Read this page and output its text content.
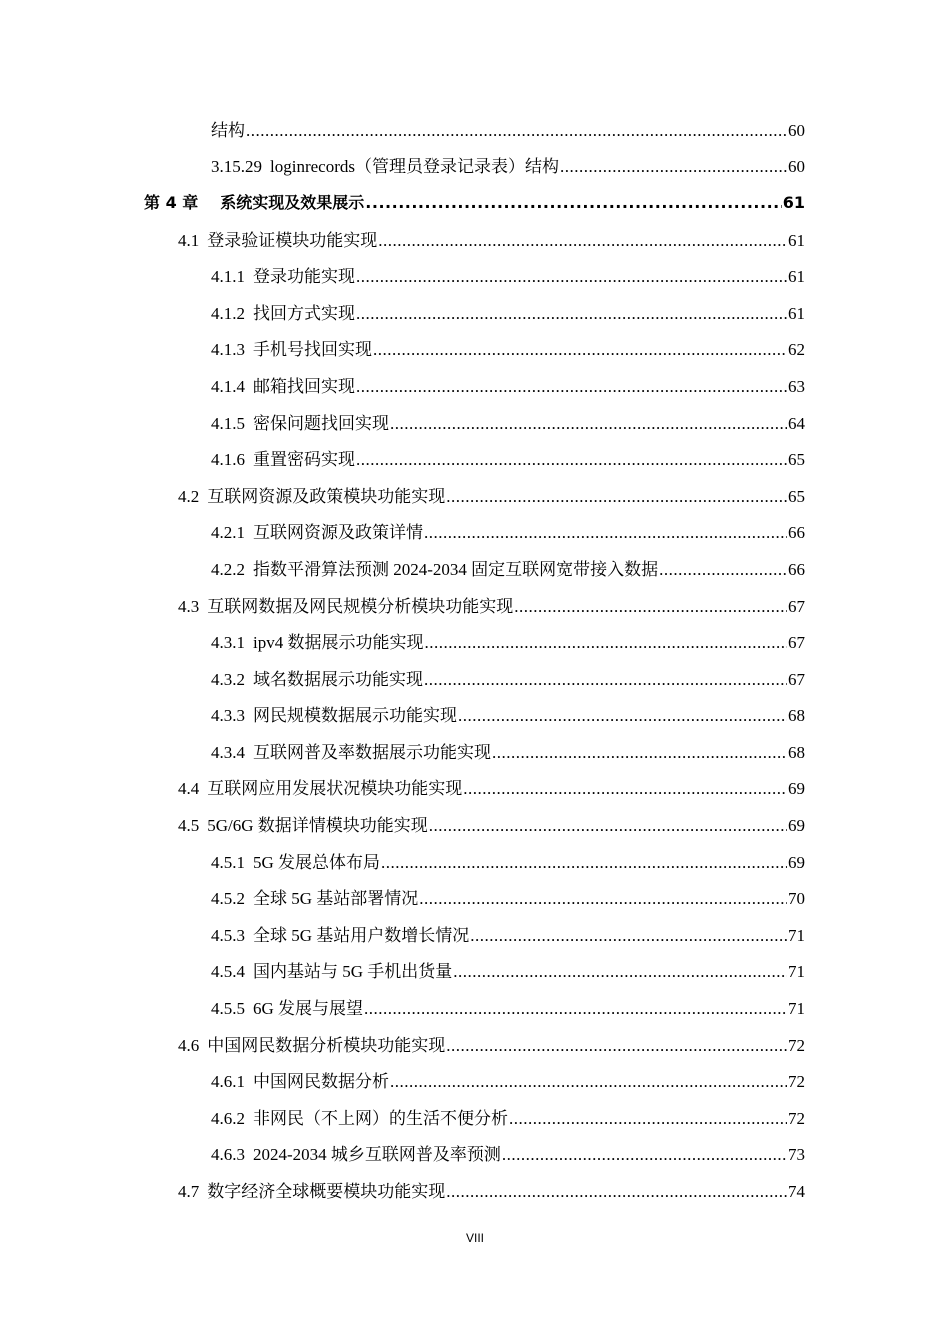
结构 .....	60
3.15.29 loginrecords（管理员登录记录表）结构 .....	60
第 4 章 系统实现及效果展示 .....	61
4.1 登录验证模块功能实现 .....	61
4.1.1 登录功能实现 .....	61
4.1.2 找回方式实现 .....	61
4.1.3 手机号找回实现 .....	62
4.1.4 邮箱找回实现 .....	63
4.1.5 密保问题找回实现 .....	64
4.1.6 重置密码实现 .....	65
4.2 互联网资源及政策模块功能实现 .....	65
4.2.1 互联网资源及政策详情 .....	66
4.2.2 指数平滑算法预测 2024-2034 固定互联网宽带接入数据 .....	66
4.3 互联网数据及网民规模分析模块功能实现 .....	67
4.3.1 ipv4 数据展示功能实现 .....	67
4.3.2 域名数据展示功能实现 .....	67
4.3.3 网民规模数据展示功能实现 .....	68
4.3.4 互联网普及率数据展示功能实现 .....	68
4.4 互联网应用发展状况模块功能实现 .....	69
4.5 5G/6G 数据详情模块功能实现 .....	69
4.5.1 5G 发展总体布局 .....	69
4.5.2 全球 5G 基站部署情况 .....	70
4.5.3 全球 5G 基站用户数增长情况 .....	71
4.5.4 国内基站与 5G 手机出货量 .....	71
4.5.5 6G 发展与展望 .....	71
4.6 中国网民数据分析模块功能实现 .....	72
4.6.1 中国网民数据分析 .....	72
4.6.2 非网民（不上网）的生活不便分析 .....	72
4.6.3 2024-2034 城乡互联网普及率预测 .....	73
4.7 数字经济全球概要模块功能实现 .....	74
VIII
